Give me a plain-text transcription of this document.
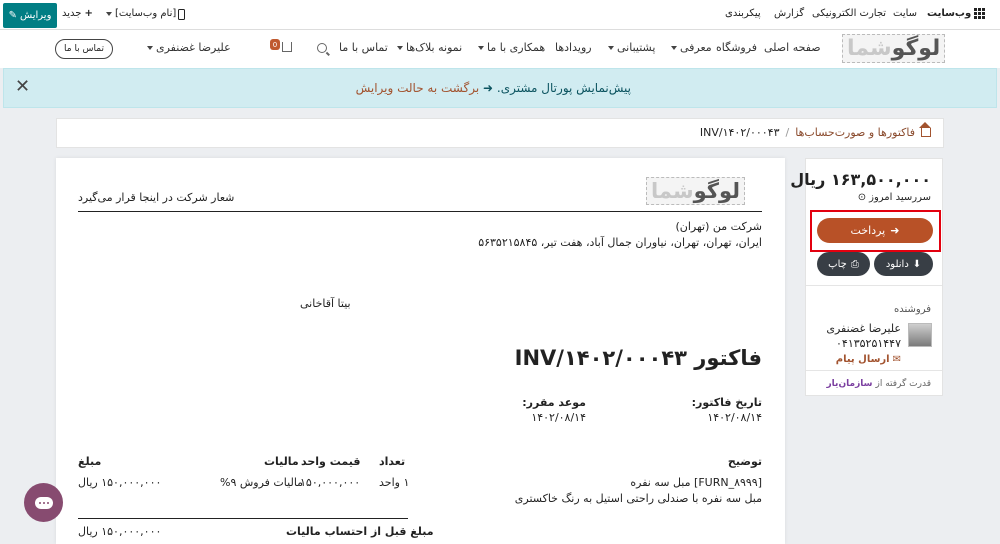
✎ ویرایش جدید + [نام وب‌سایت]	پیکربندی گزارش تجارت الکترونیکی سایت وب‌سایت
شما لوگو
صفحه اصلی
فروشگاه
معرفی
پشتیبانی
رویدادها
همکاری با ما
نمونه بلاک‌ها
تماس با ما
0
علیرضا غضنفری
تماس با ما
✕	پیش‌نمایش پورتال مشتری. ➜ برگشت به حالت ویرایش
فاکتورها و صورت‌حساب‌ها
/
INV/۱۴۰۲/۰۰۰۴۳
شما لوگو
شعار شرکت در اینجا قرار می‌گیرد
شرکت من (تهران)
ایران، تهران، تهران، نیاوران جمال آباد، هفت تیر، ۵۶۳۵۲۱۵۸۴۵
بیتا آقاخانی
فاکتور INV/۱۴۰۲/۰۰۰۴۳
تاریخ فاکتور:
۱۴۰۲/۰۸/۱۴
موعد مقرر:
۱۴۰۲/۰۸/۱۴
توضیح
تعداد
قیمت واحد
مالیات
مبلغ
[FURN_۸۹۹۹] مبل سه نفره
مبل سه نفره با صندلی راحتی استیل به رنگ خاکستری
۱ واحد
۱۵۰,۰۰۰,۰۰۰
مالیات فروش ۹%
۱۵۰,۰۰۰,۰۰۰ ریال
مبلغ قبل از احتساب مالیات
۱۵۰,۰۰۰,۰۰۰ ریال
۱۶۳,۵۰۰,۰۰۰ ریال
سررسید امروز
⊙
پرداخت ➜
دانلود ⬇
چاپ ⎙
فروشنده
علیرضا غضنفری
۰۴۱۳۵۲۵۱۴۴۷
✉
ارسال پیام
قدرت گرفته از
سازمان‌یار
